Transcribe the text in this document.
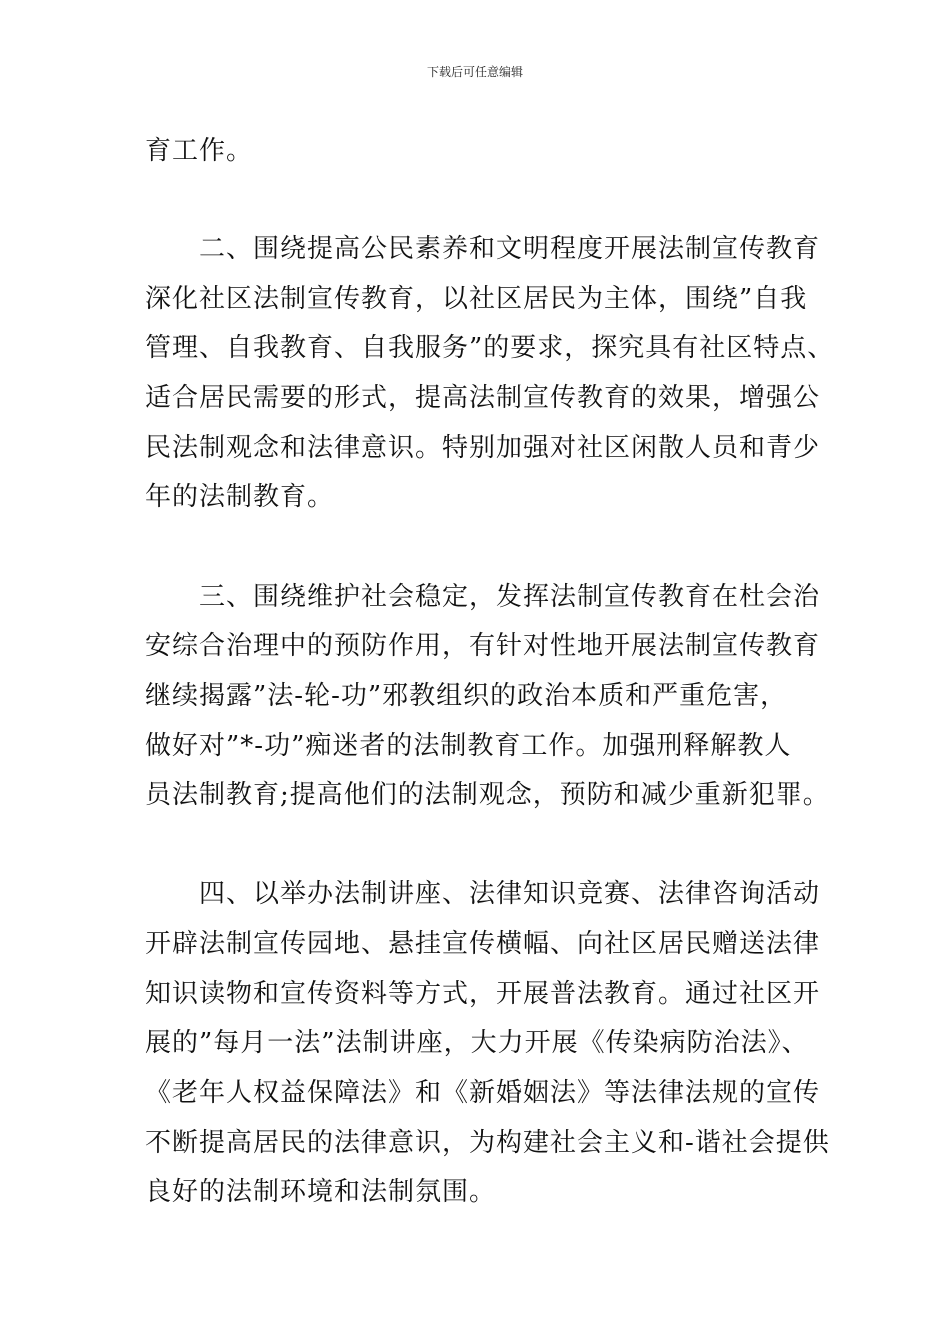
下载后可任意编辑
育工作。
　　二、围绕提高公民素养和文明程度开展法制宣传教育
深化社区法制宣传教育，以社区居民为主体，围绕”自我
管理、自我教育、自我服务”的要求，探究具有社区特点、
适合居民需要的形式，提高法制宣传教育的效果，增强公
民法制观念和法律意识。特别加强对社区闲散人员和青少
年的法制教育。
　　三、围绕维护社会稳定，发挥法制宣传教育在杜会治
安综合治理中的预防作用，有针对性地开展法制宣传教育
继续揭露”法-轮-功”邪教组织的政治本质和严重危害，
做好对”*-功”痴迷者的法制教育工作。加强刑释解教人
员法制教育;提高他们的法制观念，预防和减少重新犯罪。
　　四、以举办法制讲座、法律知识竞赛、法律咨询活动
开辟法制宣传园地、悬挂宣传横幅、向社区居民赠送法律
知识读物和宣传资料等方式，开展普法教育。通过社区开
展的”每月一法”法制讲座，大力开展《传染病防治法》、
《老年人权益保障法》和《新婚姻法》等法律法规的宣传
不断提高居民的法律意识，为构建社会主义和-谐社会提供
良好的法制环境和法制氛围。
